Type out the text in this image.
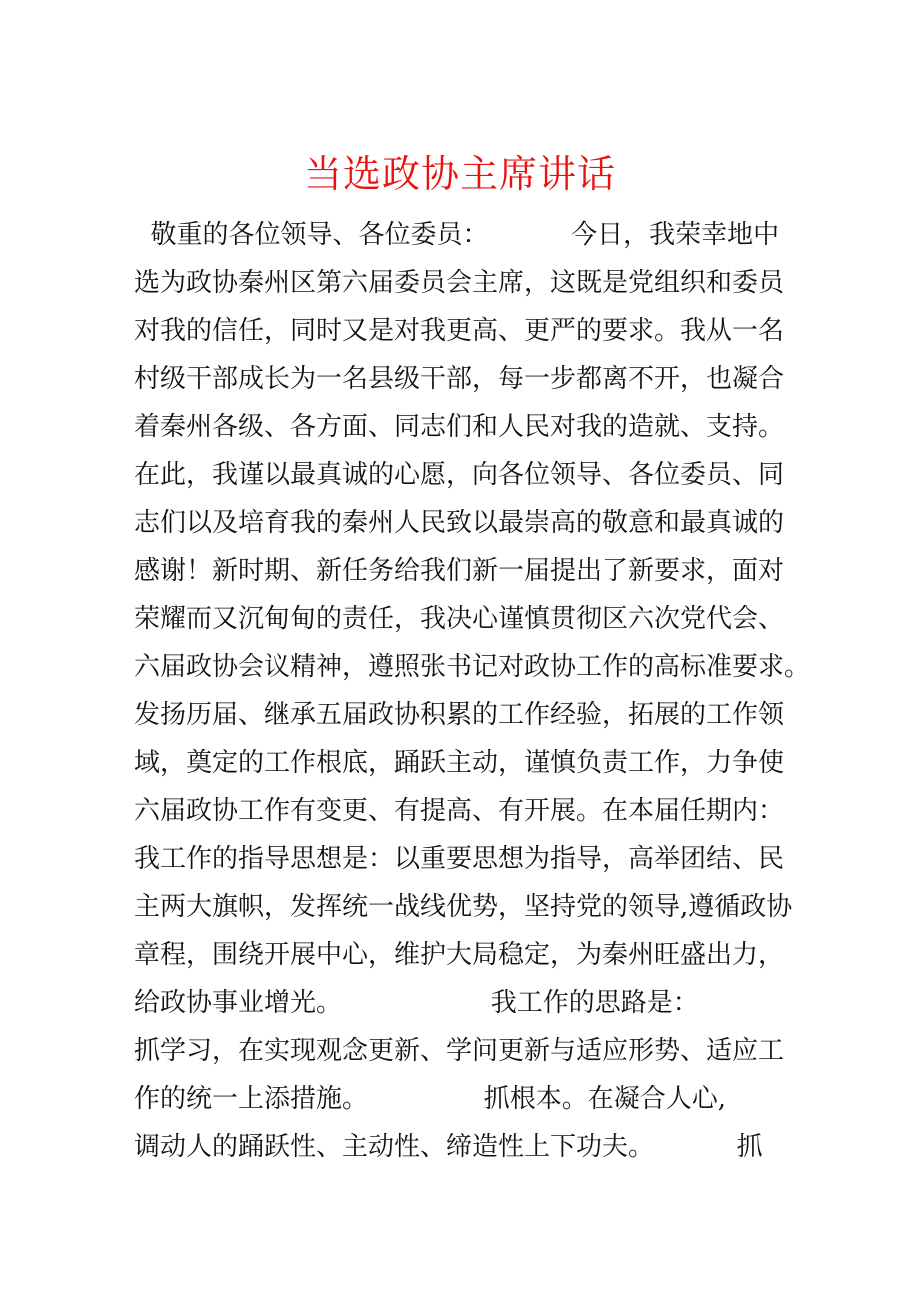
当选政协主席讲话
敬重的各位领导、各位委员：          今日，我荣幸地中
选为政协秦州区第六届委员会主席，这既是党组织和委员
对我的信任，同时又是对我更高、更严的要求。我从一名
村级干部成长为一名县级干部，每一步都离不开，也凝合
着秦州各级、各方面、同志们和人民对我的造就、支持。
在此，我谨以最真诚的心愿，向各位领导、各位委员、同
志们以及培育我的秦州人民致以最崇高的敬意和最真诚的
感谢！新时期、新任务给我们新一届提出了新要求，面对
荣耀而又沉甸甸的责任，我决心谨慎贯彻区六次党代会、
六届政协会议精神，遵照张书记对政协工作的高标准要求。
发扬历届、继承五届政协积累的工作经验，拓展的工作领
域，奠定的工作根底，踊跃主动，谨慎负责工作，力争使
六届政协工作有变更、有提高、有开展。在本届任期内：
我工作的指导思想是：以重要思想为指导，高举团结、民
主两大旗帜，发挥统一战线优势，坚持党的领导,遵循政协
章程，围绕开展中心，维护大局稳定，为秦州旺盛出力，
给政协事业增光。                  我工作的思路是：
抓学习，在实现观念更新、学问更新与适应形势、适应工
作的统一上添措施。              抓根本。在凝合人心,
调动人的踊跃性、主动性、缔造性上下功夫。          抓
